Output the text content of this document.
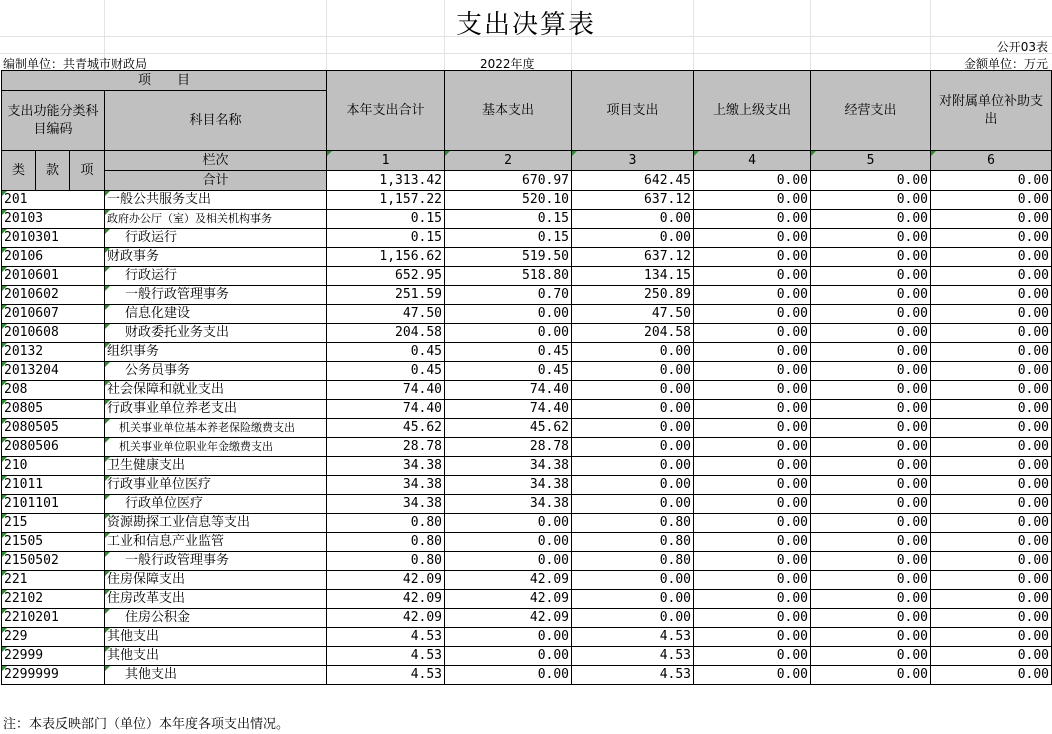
支出决算表
公开03表
编制单位：共青城市财政局	2022年度	金额单位：万元
项　　目				本年支出合计	基本支出	项目支出	上缴上级支出	经营支出	对附属单位补助支出
支出功能分类科目编码			科目名称						

类	款	项	栏次	1	2	3	4	5	6
			合计	1,313.42	670.97	642.45	0.00	0.00	0.00
201			一般公共服务支出	1,157.22	520.10	637.12	0.00	0.00	0.00
20103			政府办公厅（室）及相关机构事务	0.15	0.15	0.00	0.00	0.00	0.00
2010301			行政运行	0.15	0.15	0.00	0.00	0.00	0.00
20106			财政事务	1,156.62	519.50	637.12	0.00	0.00	0.00
2010601			行政运行	652.95	518.80	134.15	0.00	0.00	0.00
2010602			一般行政管理事务	251.59	0.70	250.89	0.00	0.00	0.00
2010607			信息化建设	47.50	0.00	47.50	0.00	0.00	0.00
2010608			财政委托业务支出	204.58	0.00	204.58	0.00	0.00	0.00
20132			组织事务	0.45	0.45	0.00	0.00	0.00	0.00
2013204			公务员事务	0.45	0.45	0.00	0.00	0.00	0.00
208			社会保障和就业支出	74.40	74.40	0.00	0.00	0.00	0.00
20805			行政事业单位养老支出	74.40	74.40	0.00	0.00	0.00	0.00
2080505			机关事业单位基本养老保险缴费支出	45.62	45.62	0.00	0.00	0.00	0.00
2080506			机关事业单位职业年金缴费支出	28.78	28.78	0.00	0.00	0.00	0.00
210			卫生健康支出	34.38	34.38	0.00	0.00	0.00	0.00
21011			行政事业单位医疗	34.38	34.38	0.00	0.00	0.00	0.00
2101101			行政单位医疗	34.38	34.38	0.00	0.00	0.00	0.00
215			资源勘探工业信息等支出	0.80	0.00	0.80	0.00	0.00	0.00
21505			工业和信息产业监管	0.80	0.00	0.80	0.00	0.00	0.00
2150502			一般行政管理事务	0.80	0.00	0.80	0.00	0.00	0.00
221			住房保障支出	42.09	42.09	0.00	0.00	0.00	0.00
22102			住房改革支出	42.09	42.09	0.00	0.00	0.00	0.00
2210201			住房公积金	42.09	42.09	0.00	0.00	0.00	0.00
229			其他支出	4.53	0.00	4.53	0.00	0.00	0.00
22999			其他支出	4.53	0.00	4.53	0.00	0.00	0.00
2299999			其他支出	4.53	0.00	4.53	0.00	0.00	0.00
注：本表反映部门（单位）本年度各项支出情况。
